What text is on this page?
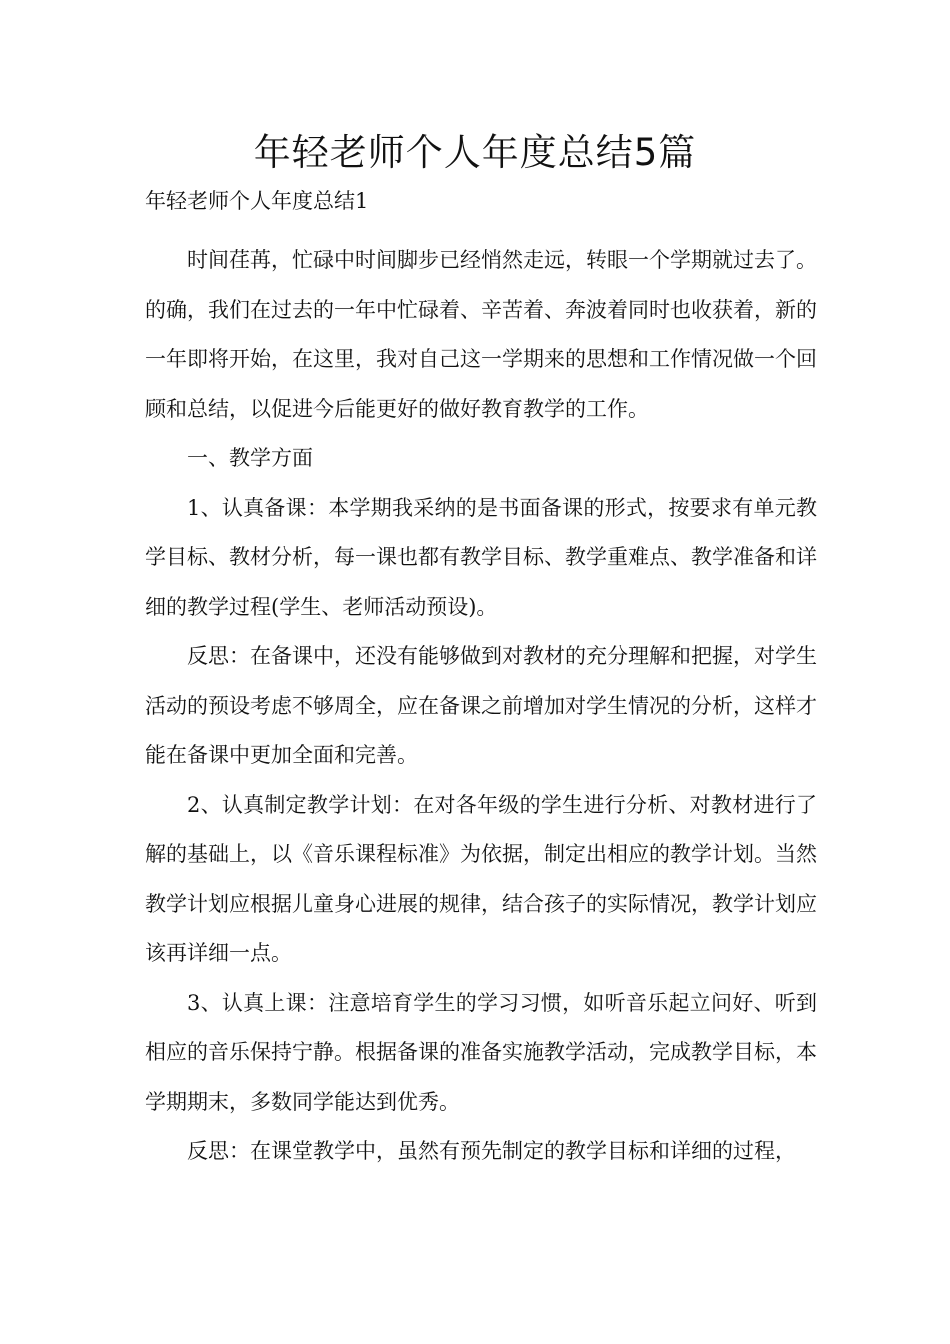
年轻老师个人年度总结5篇

年轻老师个人年度总结1

时间荏苒，忙碌中时间脚步已经悄然走远，转眼一个学期就过去了。的确，我们在过去的一年中忙碌着、辛苦着、奔波着同时也收获着，新的一年即将开始，在这里，我对自己这一学期来的思想和工作情况做一个回顾和总结，以促进今后能更好的做好教育教学的工作。

一、教学方面

1、认真备课：本学期我采纳的是书面备课的形式，按要求有单元教学目标、教材分析，每一课也都有教学目标、教学重难点、教学准备和详细的教学过程(学生、老师活动预设)。

反思：在备课中，还没有能够做到对教材的充分理解和把握，对学生活动的预设考虑不够周全，应在备课之前增加对学生情况的分析，这样才能在备课中更加全面和完善。

2、认真制定教学计划：在对各年级的学生进行分析、对教材进行了解的基础上，以《音乐课程标准》为依据，制定出相应的教学计划。当然教学计划应根据儿童身心进展的规律，结合孩子的实际情况，教学计划应该再详细一点。

3、认真上课：注意培育学生的学习习惯，如听音乐起立问好、听到相应的音乐保持宁静。根据备课的准备实施教学活动，完成教学目标，本学期期末，多数同学能达到优秀。

反思：在课堂教学中，虽然有预先制定的教学目标和详细的过程，
